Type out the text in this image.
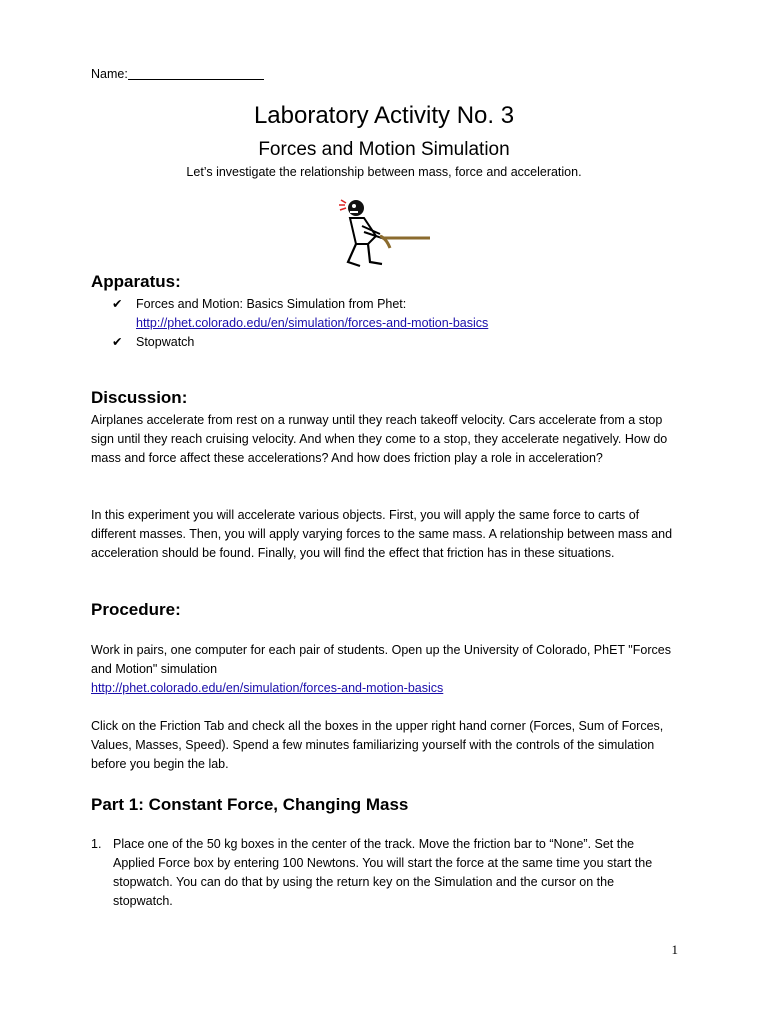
Name:
Laboratory Activity No. 3
Forces and Motion Simulation
Let’s investigate the relationship between mass, force and acceleration.
Apparatus:
✔ Forces and Motion: Basics Simulation from Phet:
http://phet.colorado.edu/en/simulation/forces-and-motion-basics
✔ Stopwatch
Discussion:
Airplanes accelerate from rest on a runway until they reach takeoff velocity. Cars accelerate from a stop sign until they reach cruising velocity. And when they come to a stop, they accelerate negatively. How do mass and force affect these accelerations? And how does friction play a role in acceleration?
In this experiment you will accelerate various objects. First, you will apply the same force to carts of different masses. Then, you will apply varying forces to the same mass. A relationship between mass and acceleration should be found. Finally, you will find the effect that friction has in these situations.
Procedure:
Work in pairs, one computer for each pair of students. Open up the University of Colorado, PhET "Forces and Motion" simulation
http://phet.colorado.edu/en/simulation/forces-and-motion-basics
Click on the Friction Tab and check all the boxes in the upper right hand corner (Forces, Sum of Forces, Values, Masses, Speed). Spend a few minutes familiarizing yourself with the controls of the simulation before you begin the lab.
Part 1: Constant Force, Changing Mass
1. Place one of the 50 kg boxes in the center of the track. Move the friction bar to “None”. Set the Applied Force box by entering 100 Newtons. You will start the force at the same time you start the stopwatch. You can do that by using the return key on the Simulation and the cursor on the stopwatch.
1
